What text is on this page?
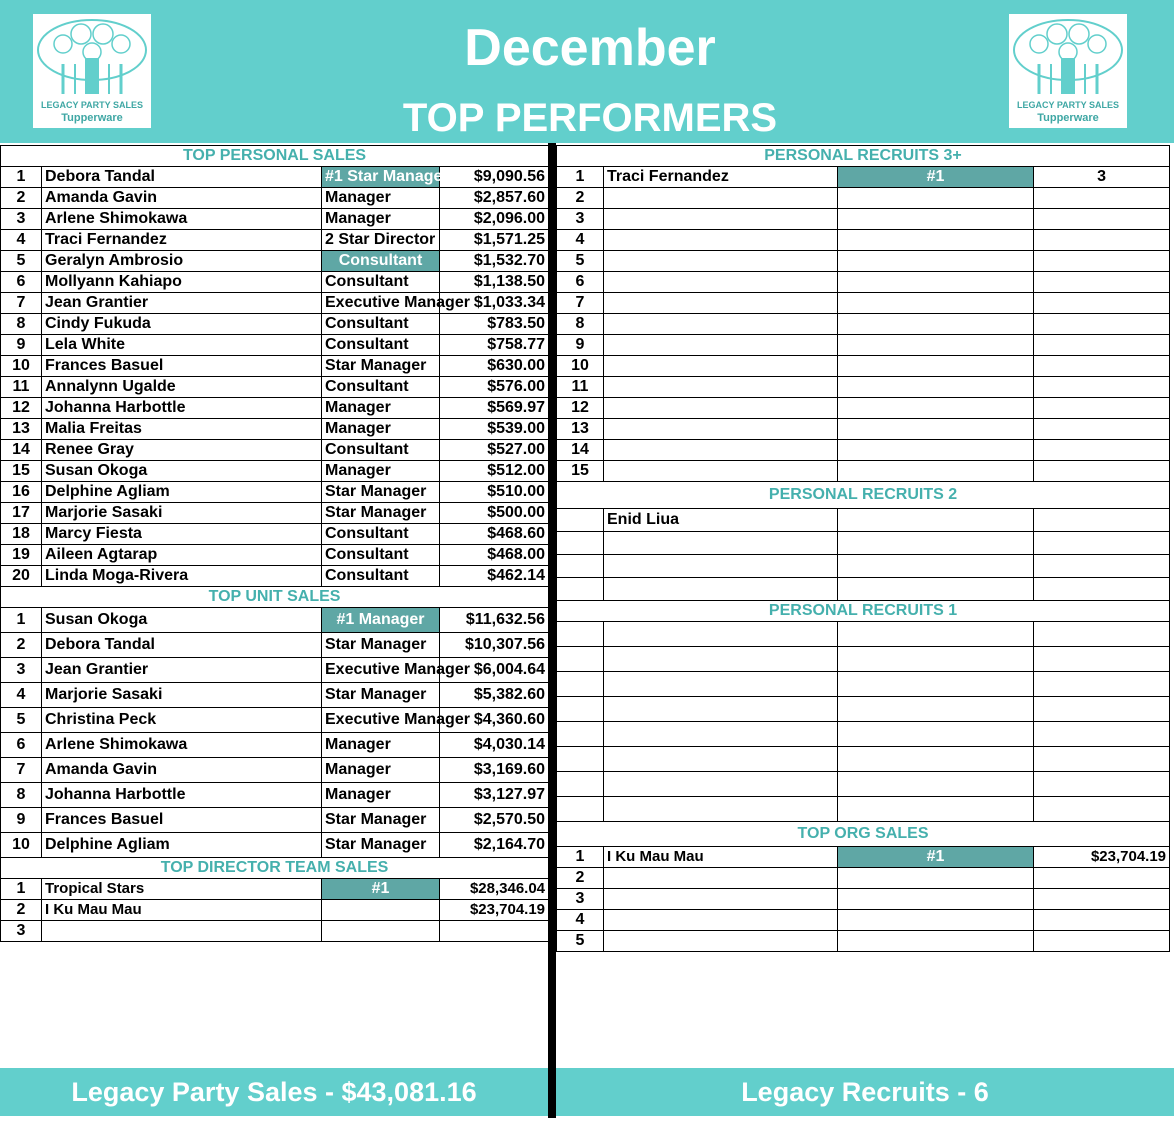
LEGACY PARTY SALES
Tupperware
December
TOP PERFORMERS	LEGACY PARTY SALES
Tupperware
TOP PERSONAL SALES			
1	Debora Tandal	#1 Star Manager	$9,090.56
2	Amanda Gavin	Manager	$2,857.60
3	Arlene Shimokawa	Manager	$2,096.00
4	Traci Fernandez	2 Star Director	$1,571.25
5	Geralyn Ambrosio	Consultant	$1,532.70
6	Mollyann Kahiapo	Consultant	$1,138.50
7	Jean Grantier	Executive Manager	$1,033.34
8	Cindy Fukuda	Consultant	$783.50
9	Lela White	Consultant	$758.77
10	Frances Basuel	Star Manager	$630.00
11	Annalynn Ugalde	Consultant	$576.00
12	Johanna Harbottle	Manager	$569.97
13	Malia Freitas	Manager	$539.00
14	Renee Gray	Consultant	$527.00
15	Susan Okoga	Manager	$512.00
16	Delphine Agliam	Star Manager	$510.00
17	Marjorie Sasaki	Star Manager	$500.00
18	Marcy Fiesta	Consultant	$468.60
19	Aileen Agtarap	Consultant	$468.00
20	Linda Moga-Rivera	Consultant	$462.14
TOP UNIT SALES			
1	Susan Okoga	#1 Manager	$11,632.56
2	Debora Tandal	Star Manager	$10,307.56
3	Jean Grantier	Executive Manager	$6,004.64
4	Marjorie Sasaki	Star Manager	$5,382.60
5	Christina Peck	Executive Manager	$4,360.60
6	Arlene Shimokawa	Manager	$4,030.14
7	Amanda Gavin	Manager	$3,169.60
8	Johanna Harbottle	Manager	$3,127.97
9	Frances Basuel	Star Manager	$2,570.50
10	Delphine Agliam	Star Manager	$2,164.70
TOP DIRECTOR TEAM SALES			
1	Tropical Stars	#1	$28,346.04
2	I Ku Mau Mau		$23,704.19
3			
PERSONAL RECRUITS 3+			
1	Traci Fernandez	#1	3
2			
3			
4			
5			
6			
7			
8			
9			
10			
11			
12			
13			
14			
15			
PERSONAL RECRUITS 2			
	Enid Liua		

PERSONAL RECRUITS 1			

TOP ORG SALES			
1	I Ku Mau Mau	#1	$23,704.19
2			
3			
4			
5			
Legacy Party Sales - $43,081.16	Legacy Recruits - 6
